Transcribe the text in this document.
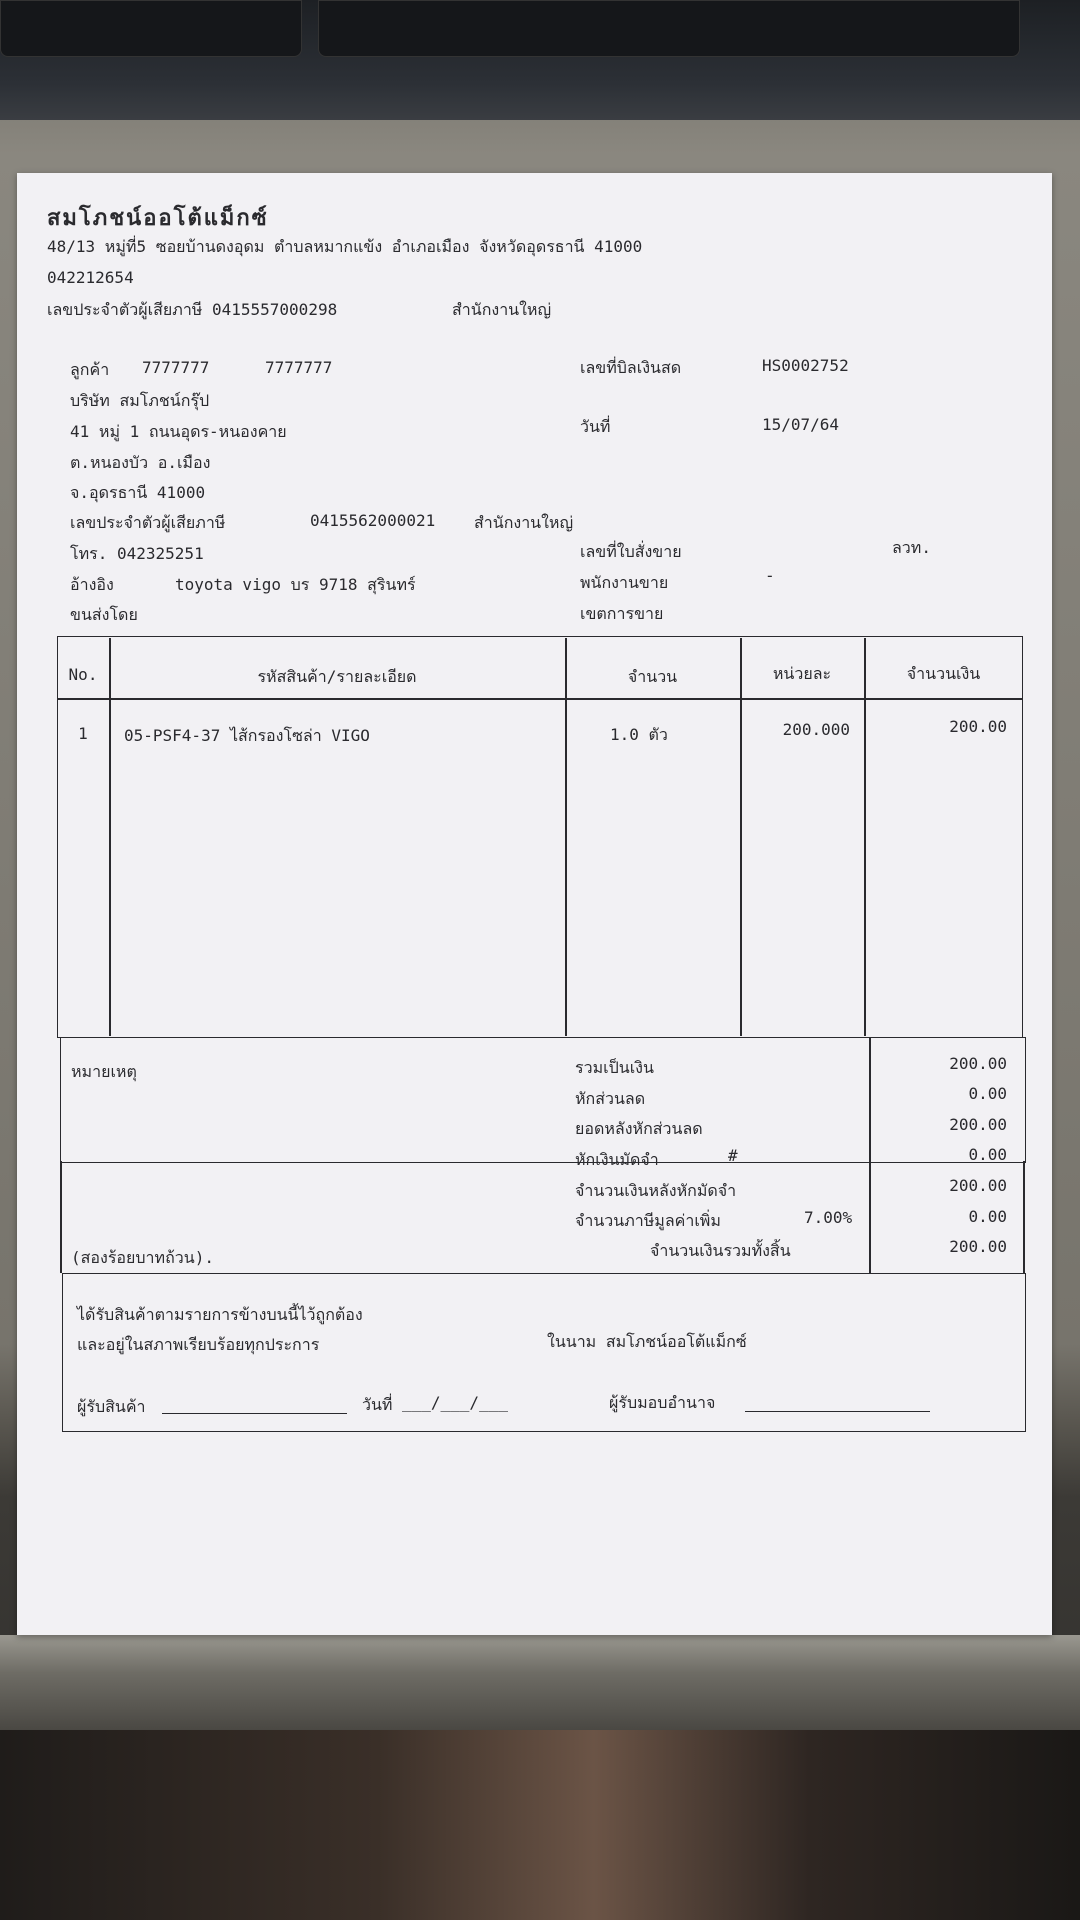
สมโภชน์ออโต้แม็กซ์
48/13 หมู่ที่5 ซอยบ้านดงอุดม ตำบลหมากแข้ง อำเภอเมือง จังหวัดอุดรธานี 41000
042212654
เลขประจำตัวผู้เสียภาษี 0415557000298	สำนักงานใหญ่
ลูกค้า 7777777	7777777
บริษัท สมโภชน์กรุ๊ป
41 หมู่ 1 ถนนอุดร-หนองคาย
ต.หนองบัว อ.เมือง
จ.อุดรธานี 41000
เลขประจำตัวผู้เสียภาษี	0415562000021 สำนักงานใหญ่
โทร. 042325251
อ้างอิง	toyota vigo บร 9718 สุรินทร์
ขนส่งโดย
เลขที่บิลเงินสด	HS0002752
วันที่	15/07/64
เลขที่ใบสั่งขาย	ลวท.
พนักงานขาย	-
เขตการขาย
No.	รหัสสินค้า/รายละเอียด	จำนวน	หน่วยละ	จำนวนเงิน
1	05-PSF4-37 ไส้กรองโซล่า VIGO	1.0 ตัว	200.000	200.00
หมายเหตุ
(สองร้อยบาทถ้วน).
รวมเป็นเงิน	200.00
หักส่วนลด	0.00
ยอดหลังหักส่วนลด	200.00
หักเงินมัดจำ	#	0.00
จำนวนเงินหลังหักมัดจำ	200.00
จำนวนภาษีมูลค่าเพิ่ม	7.00%	0.00
จำนวนเงินรวมทั้งสิ้น	200.00
ได้รับสินค้าตามรายการข้างบนนี้ไว้ถูกต้อง
และอยู่ในสภาพเรียบร้อยทุกประการ	ในนาม สมโภชน์ออโต้แม็กซ์
ผู้รับสินค้า	วันที่ ___/___/___	ผู้รับมอบอำนาจ
